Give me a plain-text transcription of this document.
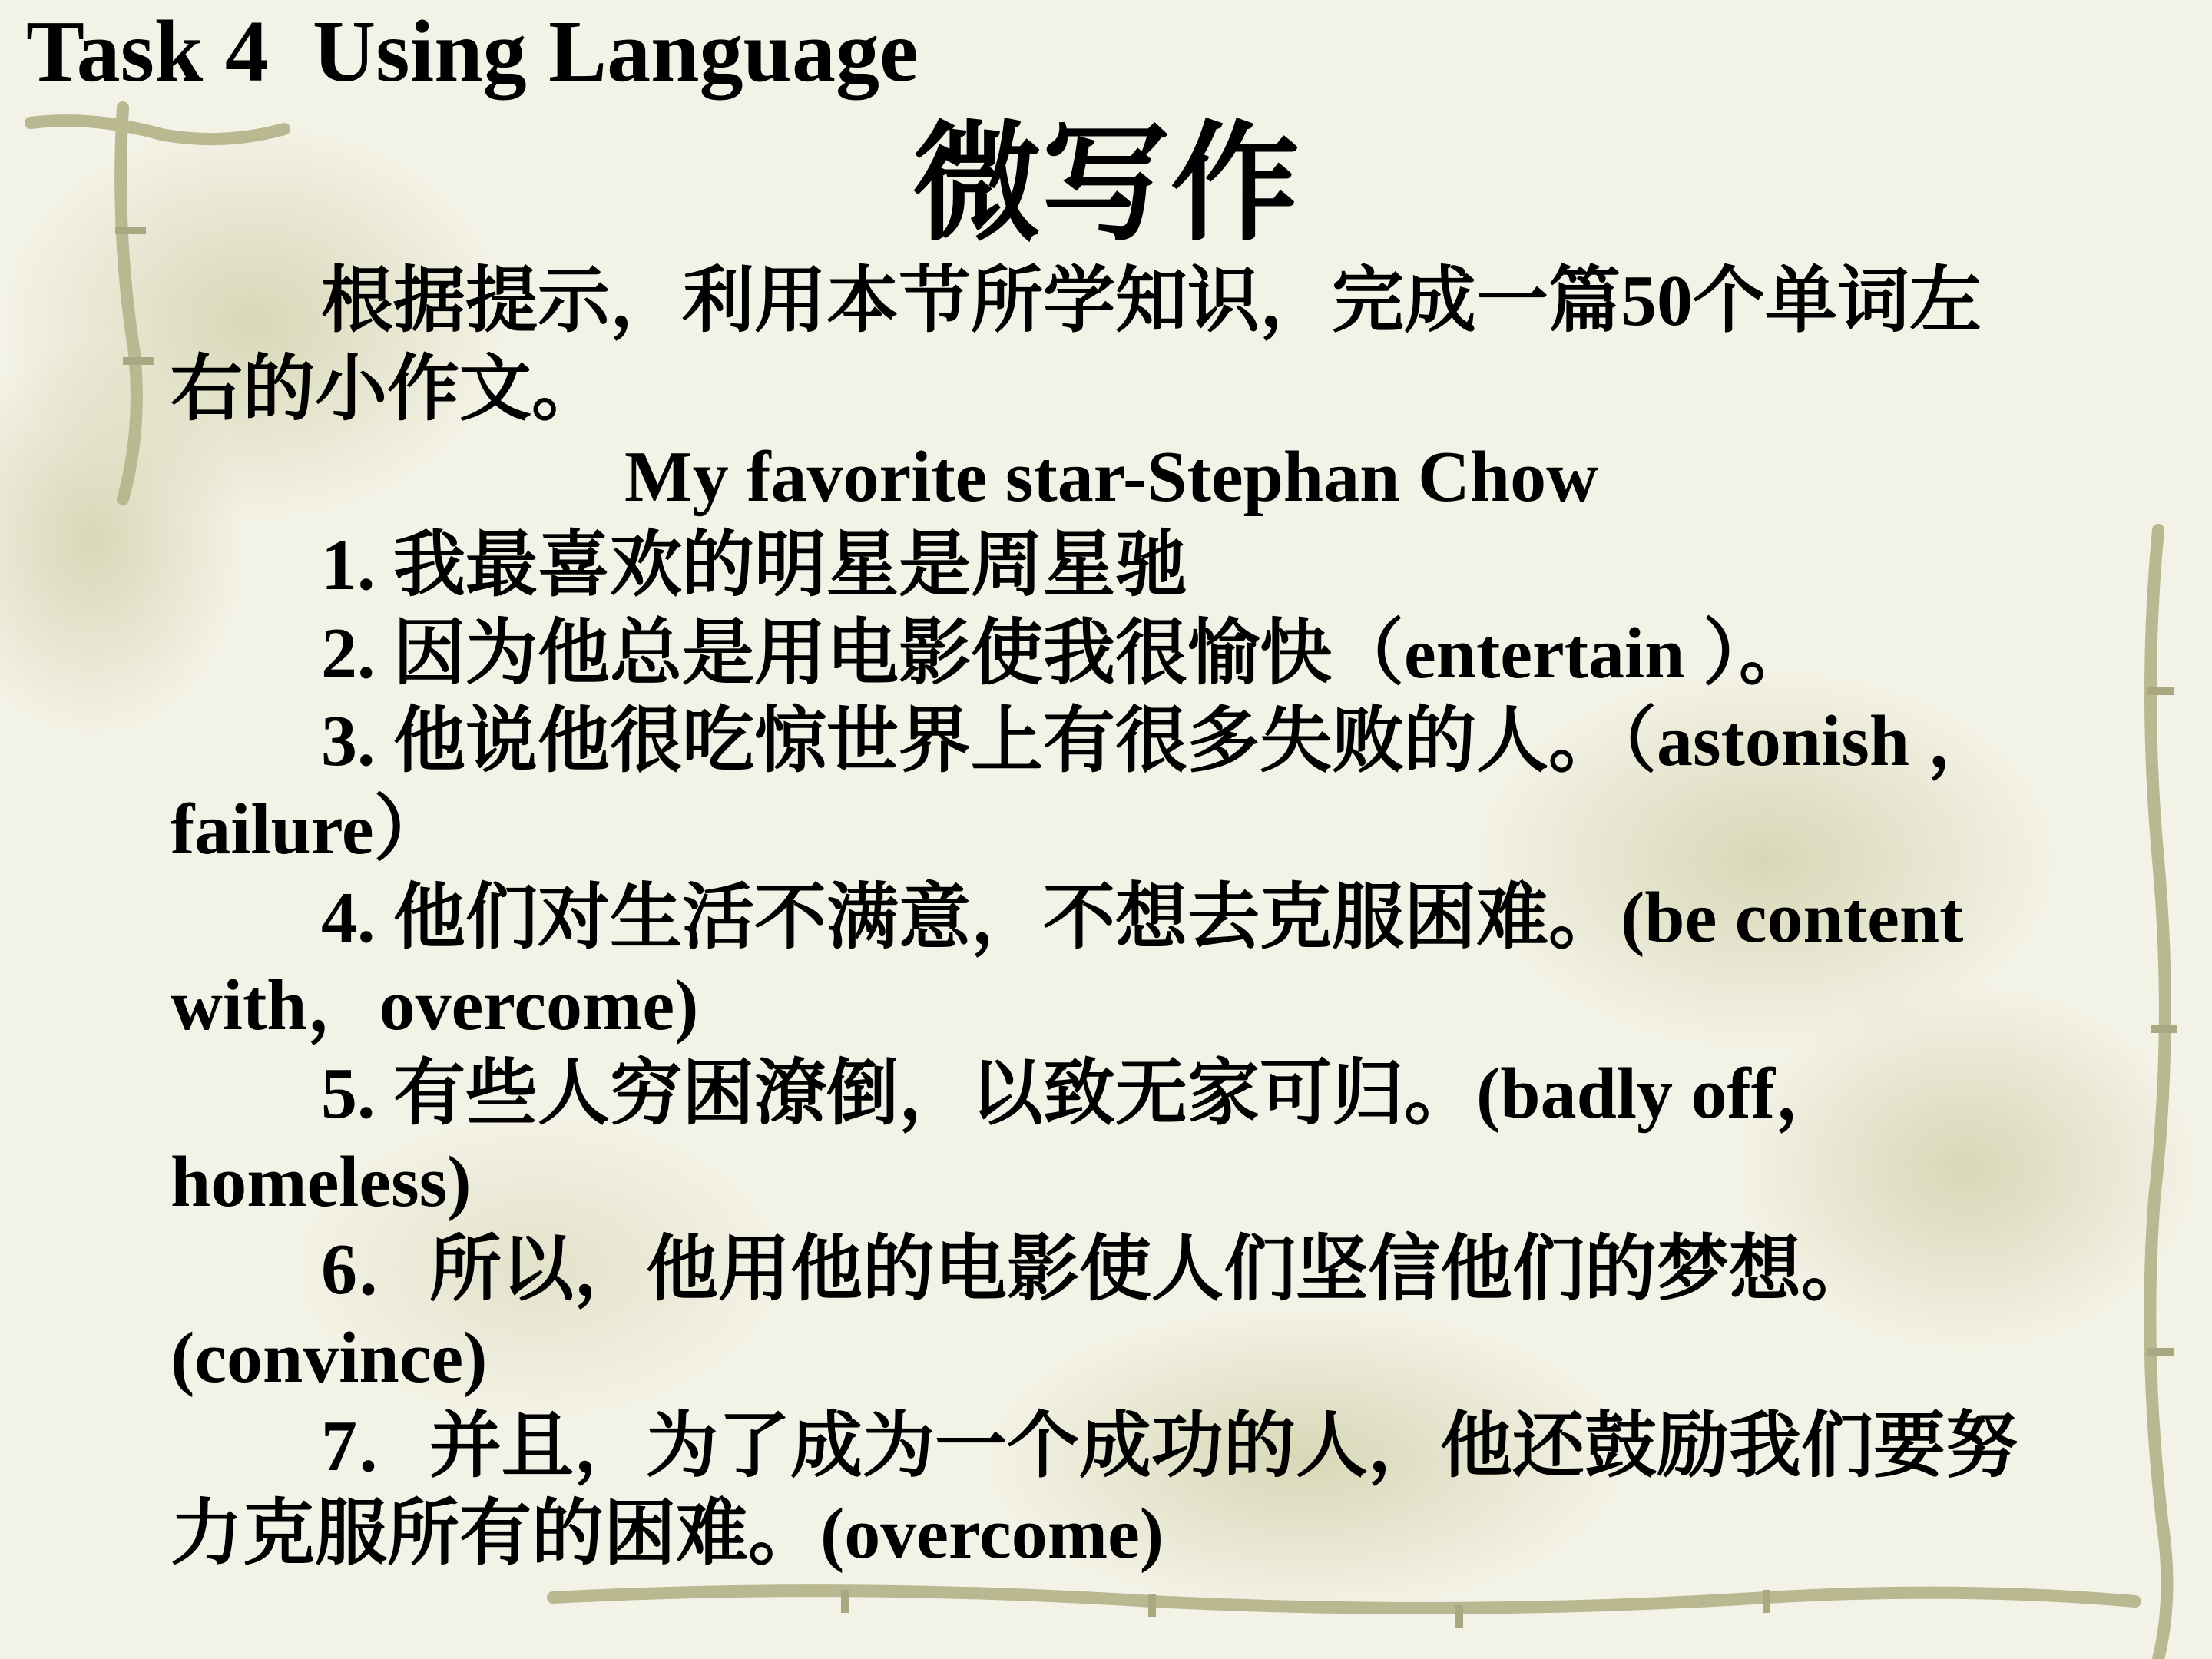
Task 4  Using Language
微写作

根据提示，利用本节所学知识，完成一篇50个单词左右的小作文。

My favorite star-Stephan Chow

1. 我最喜欢的明星是周星驰

2. 因为他总是用电影使我很愉快（entertain ）。

3. 他说他很吃惊世界上有很多失败的人。（astonish ，failure）

4. 他们对生活不满意，不想去克服困难。(be content with，overcome)

5. 有些人穷困潦倒，以致无家可归。(badly off，homeless)

6．所以，他用他的电影使人们坚信他们的梦想。(convince)

7．并且，为了成为一个成功的人，他还鼓励我们要努力克服所有的困难。(overcome)
